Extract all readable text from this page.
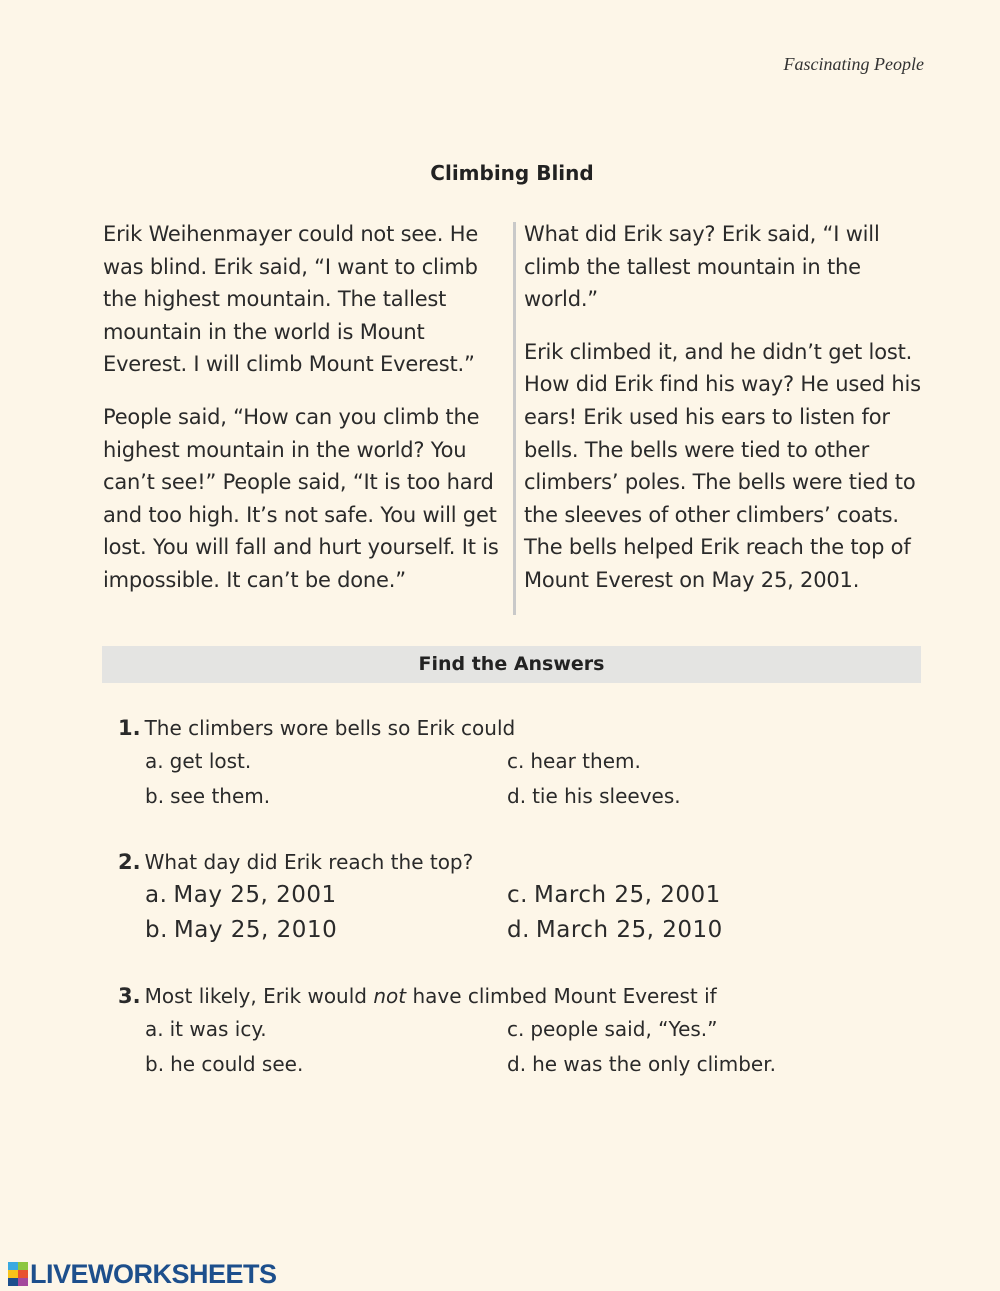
Fascinating People
Climbing Blind

Erik Weihenmayer could not see. He was blind. Erik said, “I want to climb the highest mountain. The tallest mountain in the world is Mount Everest. I will climb Mount Everest.”

People said, “How can you climb the highest mountain in the world? You can’t see!” People said, “It is too hard and too high. It’s not safe. You will get lost. You will fall and hurt yourself. It is impossible. It can’t be done.”

What did Erik say? Erik said, “I will climb the tallest mountain in the world.”

Erik climbed it, and he didn’t get lost. How did Erik find his way? He used his ears! Erik used his ears to listen for bells. The bells were tied to other climbers’ poles. The bells were tied to the sleeves of other climbers’ coats. The bells helped Erik reach the top of Mount Everest on May 25, 2001.

Find the Answers
1. The climbers wore bells so Erik could
a. get lost.	c. hear them.
b. see them.	d. tie his sleeves.
2. What day did Erik reach the top?
a. May 25, 2001	c. March 25, 2001
b. May 25, 2010	d. March 25, 2010
3. Most likely, Erik would not have climbed Mount Everest if
a. it was icy.	c. people said, “Yes.”
b. he could see.	d. he was the only climber.
LIVEWORKSHEETS
